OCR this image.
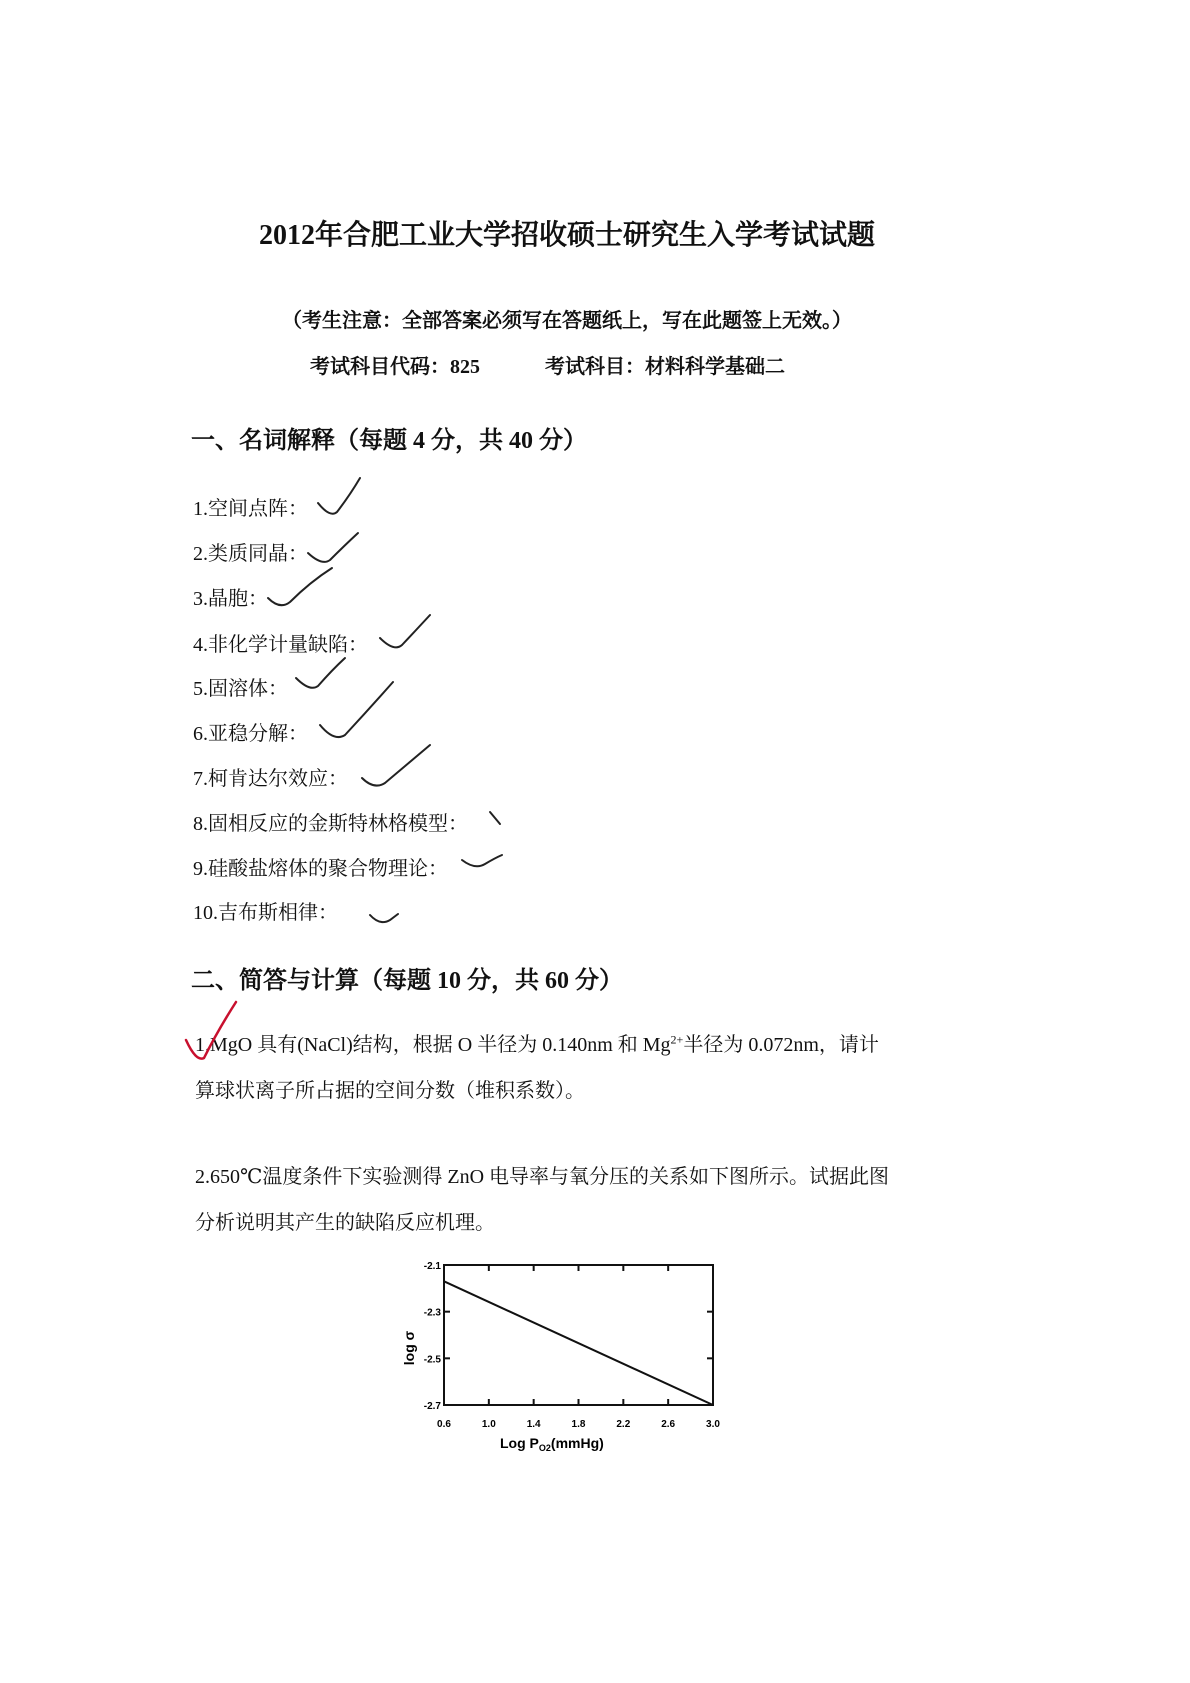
2012年合肥工业大学招收硕士研究生入学考试试题
（考生注意：全部答案必须写在答题纸上，写在此题签上无效。）
考试科目代码：825	考试科目：材料科学基础二
一、名词解释（每题 4 分，共 40 分）
1.空间点阵：
2.类质同晶：
3.晶胞：
4.非化学计量缺陷：
5.固溶体：
6.亚稳分解：
7.柯肯达尔效应：
8.固相反应的金斯特林格模型：
9.硅酸盐熔体的聚合物理论：
10.吉布斯相律：
二、简答与计算（每题 10 分，共 60 分）
1.MgO 具有(NaCl)结构，根据 O 半径为 0.140nm 和 $Mg^{2+}$半径为 0.072nm，请计
算球状离子所占据的空间分数（堆积系数）。
2.650℃温度条件下实验测得 ZnO 电导率与氧分压的关系如下图所示。试据此图
分析说明其产生的缺陷反应机理。
0.6	1.0	1.4	1.8	2.2	2.6	3.0
-2.1
-2.3
-2.5
-2.7
Log $P_{O2}(mmHg)$
log σ
